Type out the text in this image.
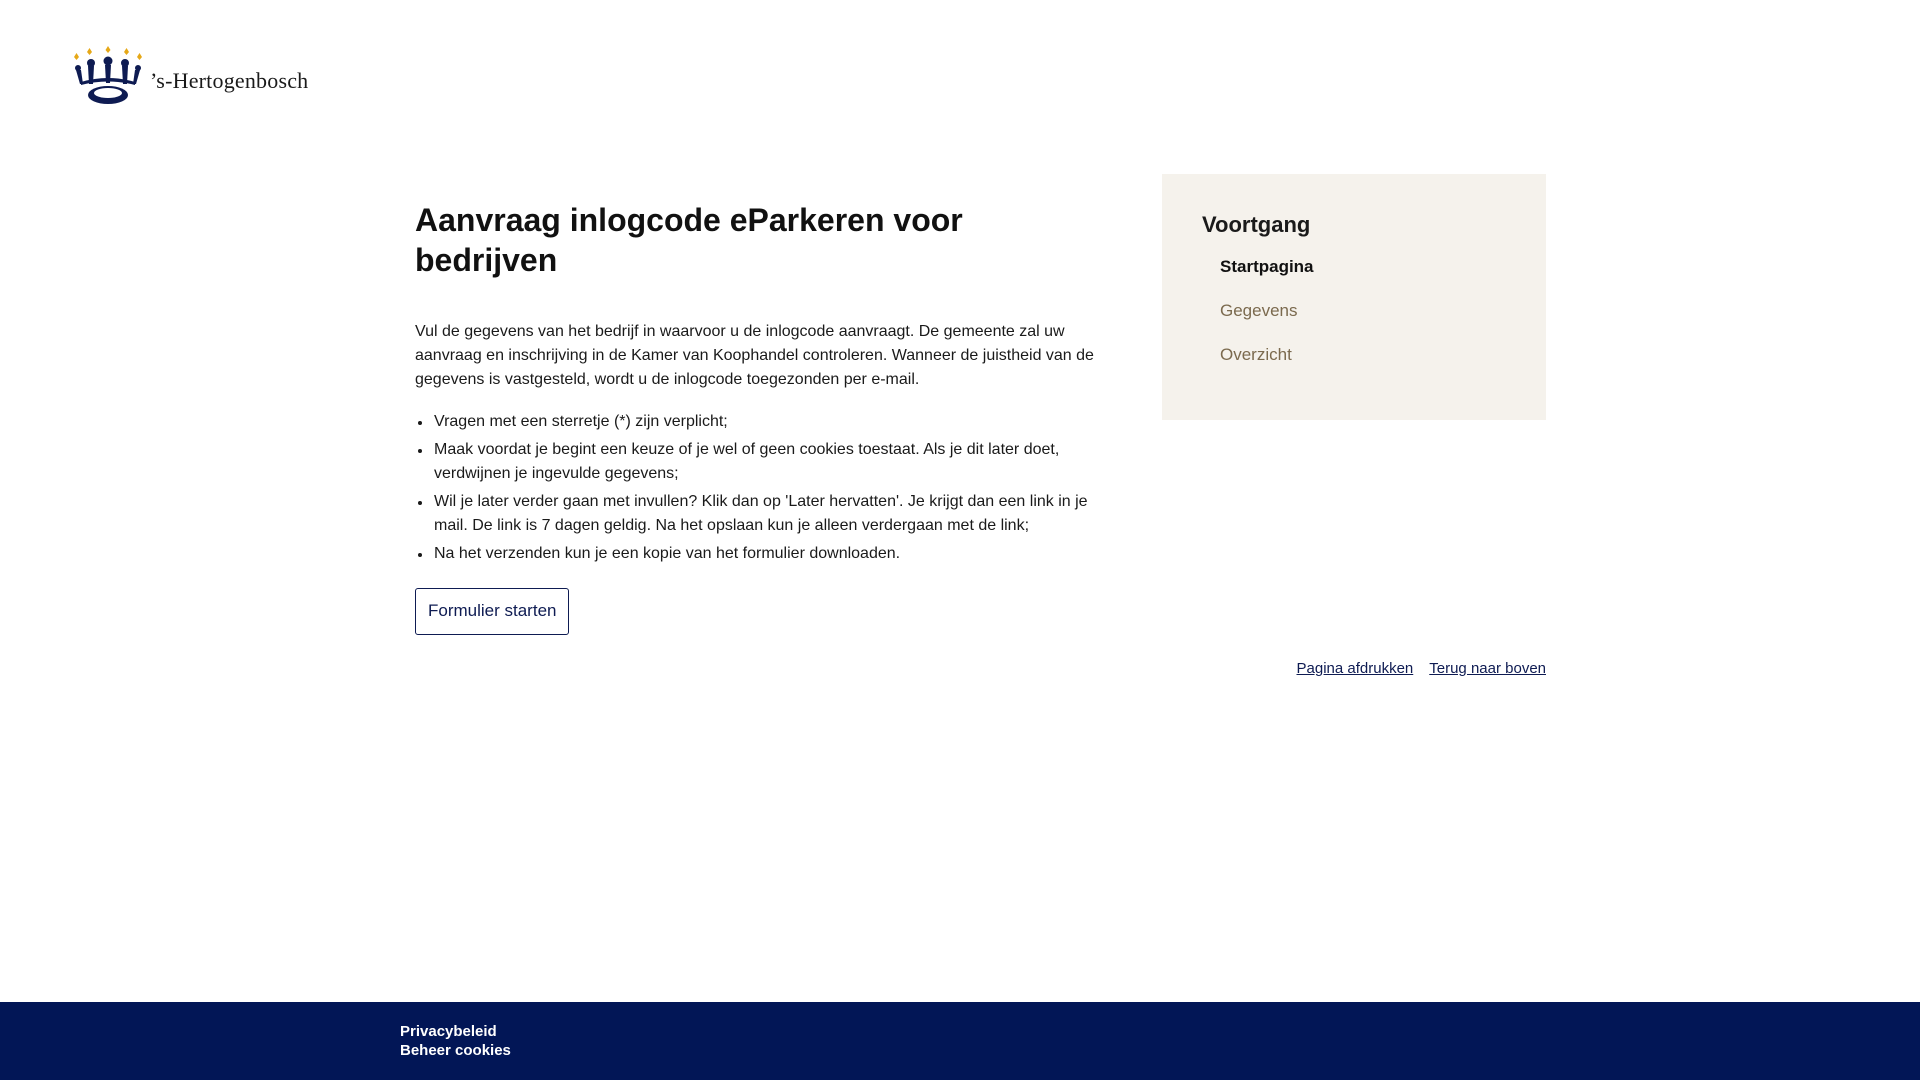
’s-Hertogenbosch
Aanvraag inlogcode eParkeren voor bedrijven

Vul de gegevens van het bedrijf in waarvoor u de inlogcode aanvraagt. De gemeente zal uw aanvraag en inschrijving in de Kamer van Koophandel controleren. Wanneer de juistheid van de gegevens is vastgesteld, wordt u de inlogcode toegezonden per e-mail.

Vragen met een sterretje (*) zijn verplicht;
Maak voordat je begint een keuze of je wel of geen cookies toestaat. Als je dit later doet, verdwijnen je ingevulde gegevens;
Wil je later verder gaan met invullen? Klik dan op 'Later hervatten'. Je krijgt dan een link in je mail. De link is 7 dagen geldig. Na het opslaan kun je alleen verdergaan met de link;
Na het verzenden kun je een kopie van het formulier downloaden.
Formulier starten
Voortgang
Startpagina
Gegevens
Overzicht
Pagina afdrukken Terug naar boven
Privacybeleid
Beheer cookies
